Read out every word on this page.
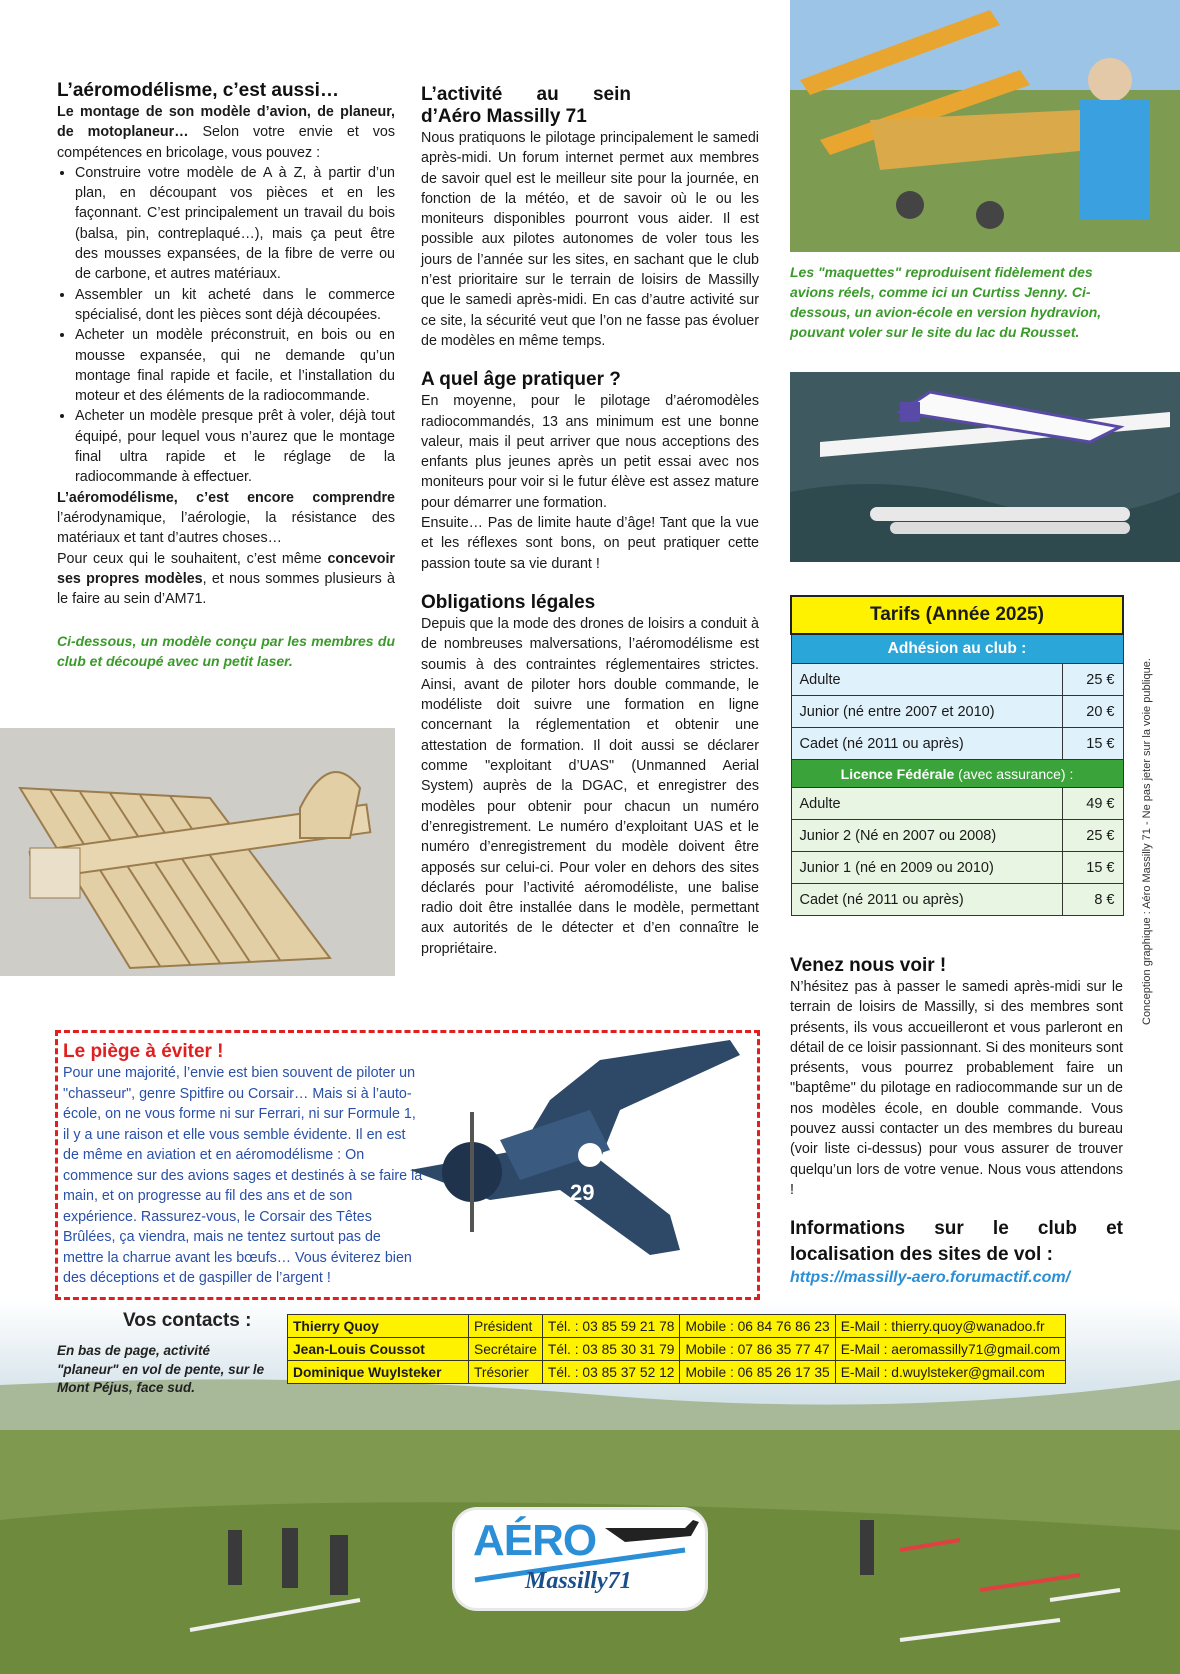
L’aéromodélisme, c’est aussi…

Le montage de son modèle d’avion, de planeur, de motoplaneur… Selon votre envie et vos compétences en bricolage, vous pouvez :

• Construire votre modèle de A à Z, à partir d’un plan, en découpant vos pièces et en les façonnant. C’est principalement un travail du bois (balsa, pin, contreplaqué…), mais ça peut être des mousses expansées, de la fibre de verre ou de carbone, et autres matériaux.
• Assembler un kit acheté dans le commerce spécialisé, dont les pièces sont déjà découpées.
• Acheter un modèle préconstruit, en bois ou en mousse expansée, qui ne demande qu’un montage final rapide et facile, et l’installation du moteur et des éléments de la radiocommande.
• Acheter un modèle presque prêt à voler, déjà tout équipé, pour lequel vous n’aurez que le montage final ultra rapide et le réglage de la radiocommande à effectuer.

L’aéromodélisme, c’est encore comprendre l’aérodynamique, l’aérologie, la résistance des matériaux et tant d’autres choses…

Pour ceux qui le souhaitent, c’est même concevoir ses propres modèles, et nous sommes plusieurs à le faire au sein d’AM71.

Ci-dessous, un modèle conçu par les membres du club et découpé avec un petit laser.

L’activité au sein d’Aéro Massilly 71

Nous pratiquons le pilotage principalement le samedi après-midi. Un forum internet permet aux membres de savoir quel est le meilleur site pour la journée, en fonction de la météo, et de savoir où le ou les moniteurs disponibles pourront vous aider. Il est possible aux pilotes autonomes de voler tous les jours de l’année sur les sites, en sachant que le club n’est prioritaire sur le terrain de loisirs de Massilly que le samedi après-midi. En cas d’autre activité sur ce site, la sécurité veut que l’on ne fasse pas évoluer de modèles en même temps.

A quel âge pratiquer ?

En moyenne, pour le pilotage d’aéromodèles radiocommandés, 13 ans minimum est une bonne valeur, mais il peut arriver que nous acceptions des enfants plus jeunes après un petit essai avec nos moniteurs pour voir si le futur élève est assez mature pour démarrer une formation.

Ensuite… Pas de limite haute d’âge! Tant que la vue et les réflexes sont bons, on peut pratiquer cette passion toute sa vie durant !

Obligations légales

Depuis que la mode des drones de loisirs a conduit à de nombreuses malversations, l’aéromodélisme est soumis à des contraintes réglementaires strictes. Ainsi, avant de piloter hors double commande, le modéliste doit suivre une formation en ligne concernant la réglementation et obtenir une attestation de formation. Il doit aussi se déclarer comme "exploitant d’UAS" (Unmanned Aerial System) auprès de la DGAC, et enregistrer des modèles pour obtenir pour chacun un numéro d’enregistrement. Le numéro d’exploitant UAS et le numéro d’enregistrement du modèle doivent être apposés sur celui-ci. Pour voler en dehors des sites déclarés pour l’activité aéromodéliste, une balise radio doit être installée dans le modèle, permettant aux autorités de le détecter et d’en connaître le propriétaire.

Les "maquettes" reproduisent fidèlement des avions réels, comme ici un Curtiss Jenny. Ci-dessous, un avion-école en version hydravion, pouvant voler sur le site du lac du Rousset.
Tarifs (Année 2025)	
Adhésion au club :	
Adulte	25 €
Junior (né entre 2007 et 2010)	20 €
Cadet (né 2011 ou après)	15 €
Licence Fédérale (avec assurance) :	
Adulte	49 €
Junior 2 (Né en 2007 ou 2008)	25 €
Junior 1 (né en 2009 ou 2010)	15 €
Cadet (né 2011 ou après)	8 €
Venez nous voir !

N’hésitez pas à passer le samedi après-midi sur le terrain de loisirs de Massilly, si des membres sont présents, ils vous accueilleront et vous parleront en détail de ce loisir passionnant. Si des moniteurs sont présents, vous pourrez probablement faire un "baptême" du pilotage en radiocommande sur un de nos modèles école, en double commande. Vous pouvez aussi contacter un des membres du bureau (voir liste ci-dessus) pour vous assurer de trouver quelqu’un lors de votre venue. Nous vous attendons !

Informations sur le club et localisation des sites de vol :
https://massilly-aero.forumactif.com/
Conception graphique : Aéro Massilly 71 - Ne pas jeter sur la voie publique.
Le piège à éviter !

Pour une majorité, l’envie est bien souvent de piloter un "chasseur", genre Spitfire ou Corsair… Mais si à l’auto-école, on ne vous forme ni sur Ferrari, ni sur Formule 1, il y a une raison et elle vous semble évidente. Il en est de même en aviation et en aéromodélisme : On commence sur des avions sages et destinés à se faire la main, et on progresse au fil des ans et de son expérience. Rassurez-vous, le Corsair des Têtes Brûlées, ça viendra, mais ne tentez surtout pas de mettre la charrue avant les bœufs… Vous éviterez bien des déceptions et de gaspiller de l’argent !

29
Vos contacts :
En bas de page, activité "planeur" en vol de pente, sur le Mont Péjus, face sud.
Thierry Quoy	Président	Tél. : 03 85 59 21 78	Mobile : 06 84 76 86 23	E-Mail : thierry.quoy@wanadoo.fr
Jean-Louis Coussot	Secrétaire	Tél. : 03 85 30 31 79	Mobile : 07 86 35 77 47	E-Mail : aeromassilly71@gmail.com
Dominique Wuylsteker	Trésorier	Tél. : 03 85 37 52 12	Mobile : 06 85 26 17 35	E-Mail : d.wuylsteker@gmail.com
AÉRO
Massilly71
